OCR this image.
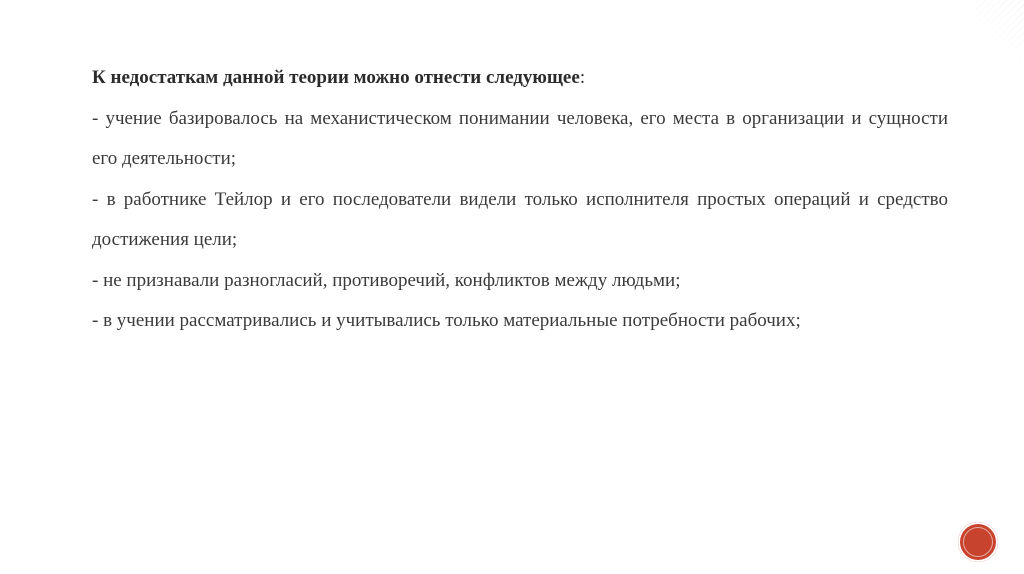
К недостаткам данной теории можно отнести следующее:

- учение базировалось на механистическом понимании человека, его места в организации и сущности его деятельности;

- в работнике Тейлор и его последователи видели только исполнителя простых операций и средство достижения цели;

- не признавали разногласий, противоречий, конфликтов между людьми;

- в учении рассматривались и учитывались только материальные потребности рабочих;
